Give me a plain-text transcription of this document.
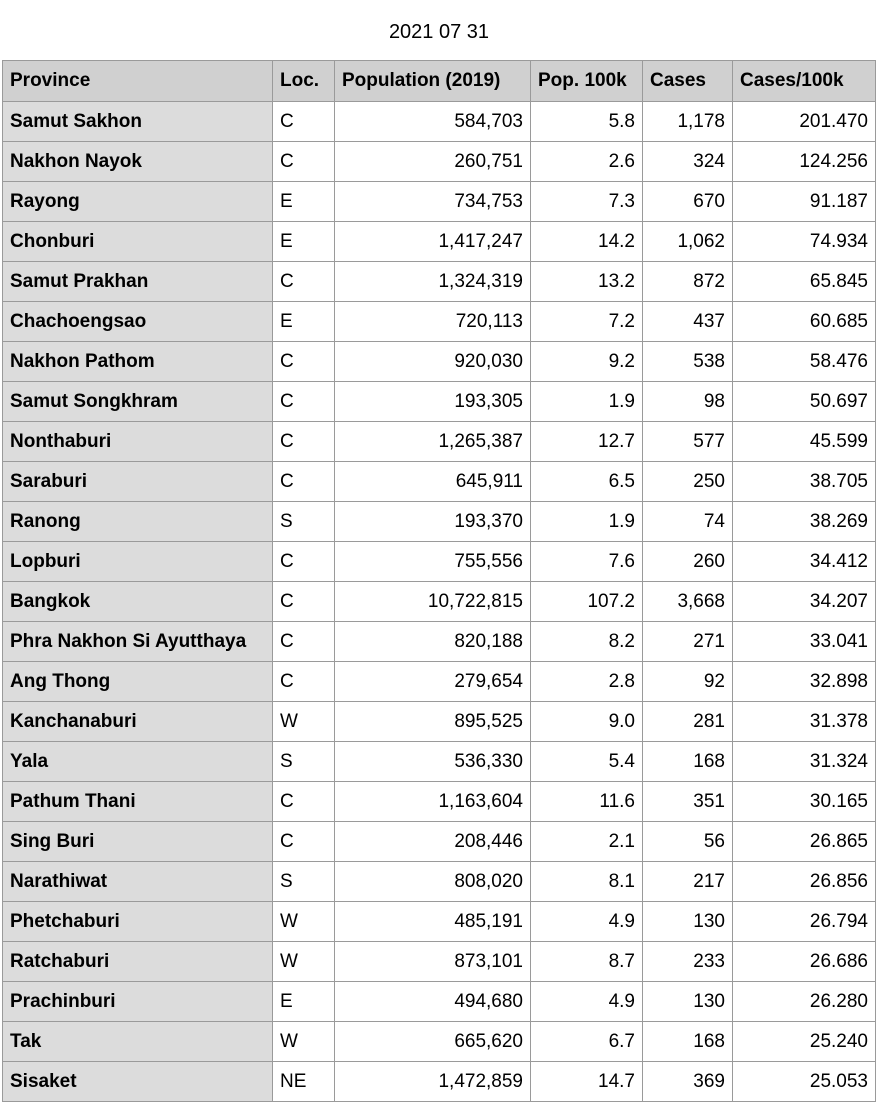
2021 07 31
Province	Loc.	Population (2019)	Pop. 100k	Cases	Cases/100k
Samut Sakhon	C	584,703	5.8	1,178	201.470
Nakhon Nayok	C	260,751	2.6	324	124.256
Rayong	E	734,753	7.3	670	91.187
Chonburi	E	1,417,247	14.2	1,062	74.934
Samut Prakhan	C	1,324,319	13.2	872	65.845
Chachoengsao	E	720,113	7.2	437	60.685
Nakhon Pathom	C	920,030	9.2	538	58.476
Samut Songkhram	C	193,305	1.9	98	50.697
Nonthaburi	C	1,265,387	12.7	577	45.599
Saraburi	C	645,911	6.5	250	38.705
Ranong	S	193,370	1.9	74	38.269
Lopburi	C	755,556	7.6	260	34.412
Bangkok	C	10,722,815	107.2	3,668	34.207
Phra Nakhon Si Ayutthaya	C	820,188	8.2	271	33.041
Ang Thong	C	279,654	2.8	92	32.898
Kanchanaburi	W	895,525	9.0	281	31.378
Yala	S	536,330	5.4	168	31.324
Pathum Thani	C	1,163,604	11.6	351	30.165
Sing Buri	C	208,446	2.1	56	26.865
Narathiwat	S	808,020	8.1	217	26.856
Phetchaburi	W	485,191	4.9	130	26.794
Ratchaburi	W	873,101	8.7	233	26.686
Prachinburi	E	494,680	4.9	130	26.280
Tak	W	665,620	6.7	168	25.240
Sisaket	NE	1,472,859	14.7	369	25.053
